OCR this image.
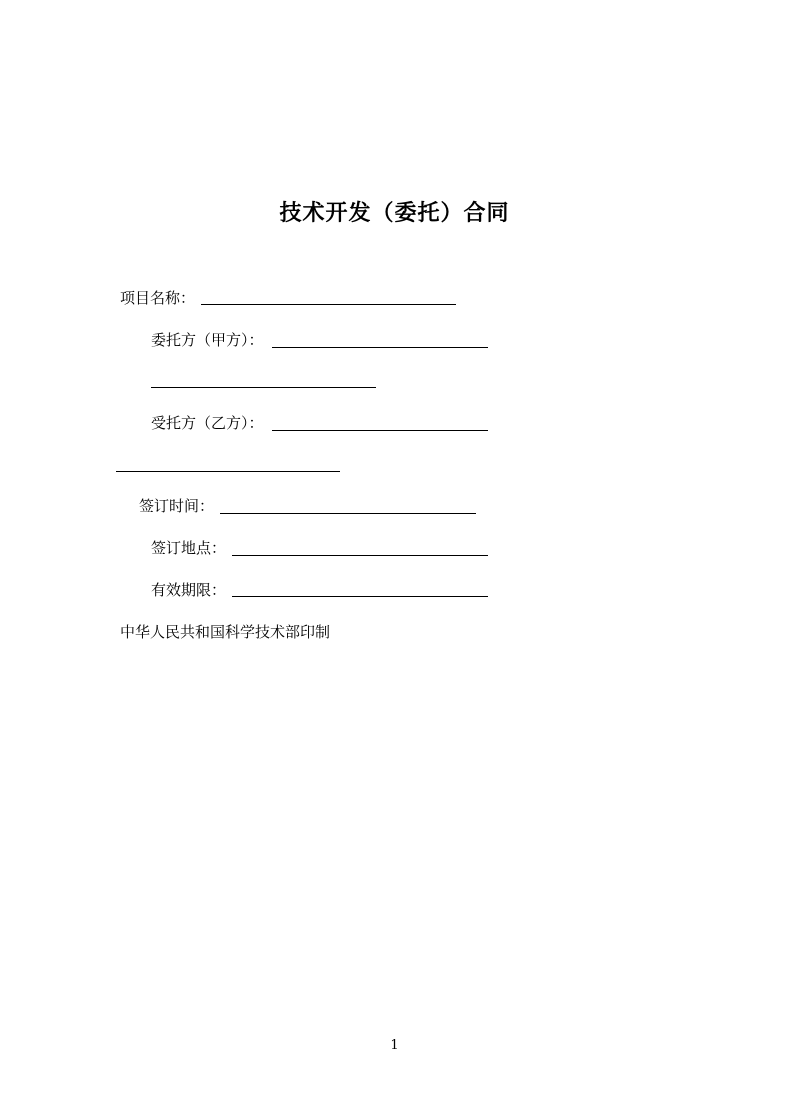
技术开发（委托）合同
项目名称：
委托方（甲方）：
受托方（乙方）：
签订时间：
签订地点：
有效期限：
中华人民共和国科学技术部印制
1
